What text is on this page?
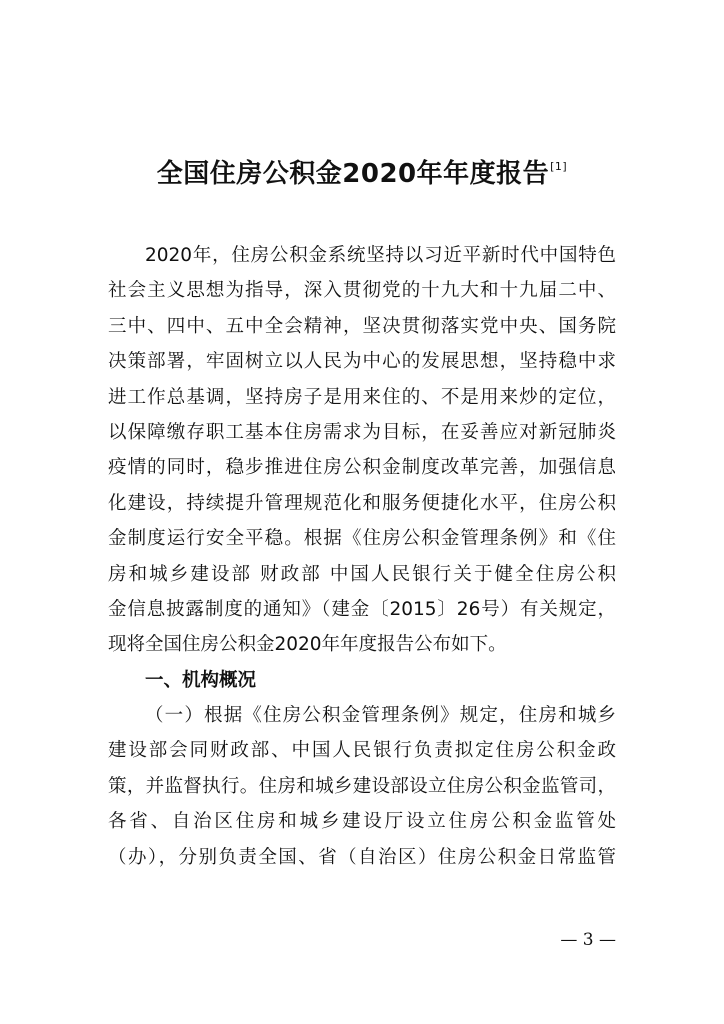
全国住房公积金2020年年度报告[1]
2020年，住房公积金系统坚持以习近平新时代中国特色
社会主义思想为指导，深入贯彻党的十九大和十九届二中、
三中、四中、五中全会精神，坚决贯彻落实党中央、国务院
决策部署，牢固树立以人民为中心的发展思想，坚持稳中求
进工作总基调，坚持房子是用来住的、不是用来炒的定位，
以保障缴存职工基本住房需求为目标，在妥善应对新冠肺炎
疫情的同时，稳步推进住房公积金制度改革完善，加强信息
化建设，持续提升管理规范化和服务便捷化水平，住房公积
金制度运行安全平稳。根据《住房公积金管理条例》和《住
房和城乡建设部 财政部 中国人民银行关于健全住房公积
金信息披露制度的通知》（建金〔2015〕26号）有关规定，
现将全国住房公积金2020年年度报告公布如下。
一、机构概况
（一）根据《住房公积金管理条例》规定，住房和城乡
建设部会同财政部、中国人民银行负责拟定住房公积金政
策，并监督执行。住房和城乡建设部设立住房公积金监管司，
各省、自治区住房和城乡建设厅设立住房公积金监管处
（办），分别负责全国、省（自治区）住房公积金日常监管
— 3 —
